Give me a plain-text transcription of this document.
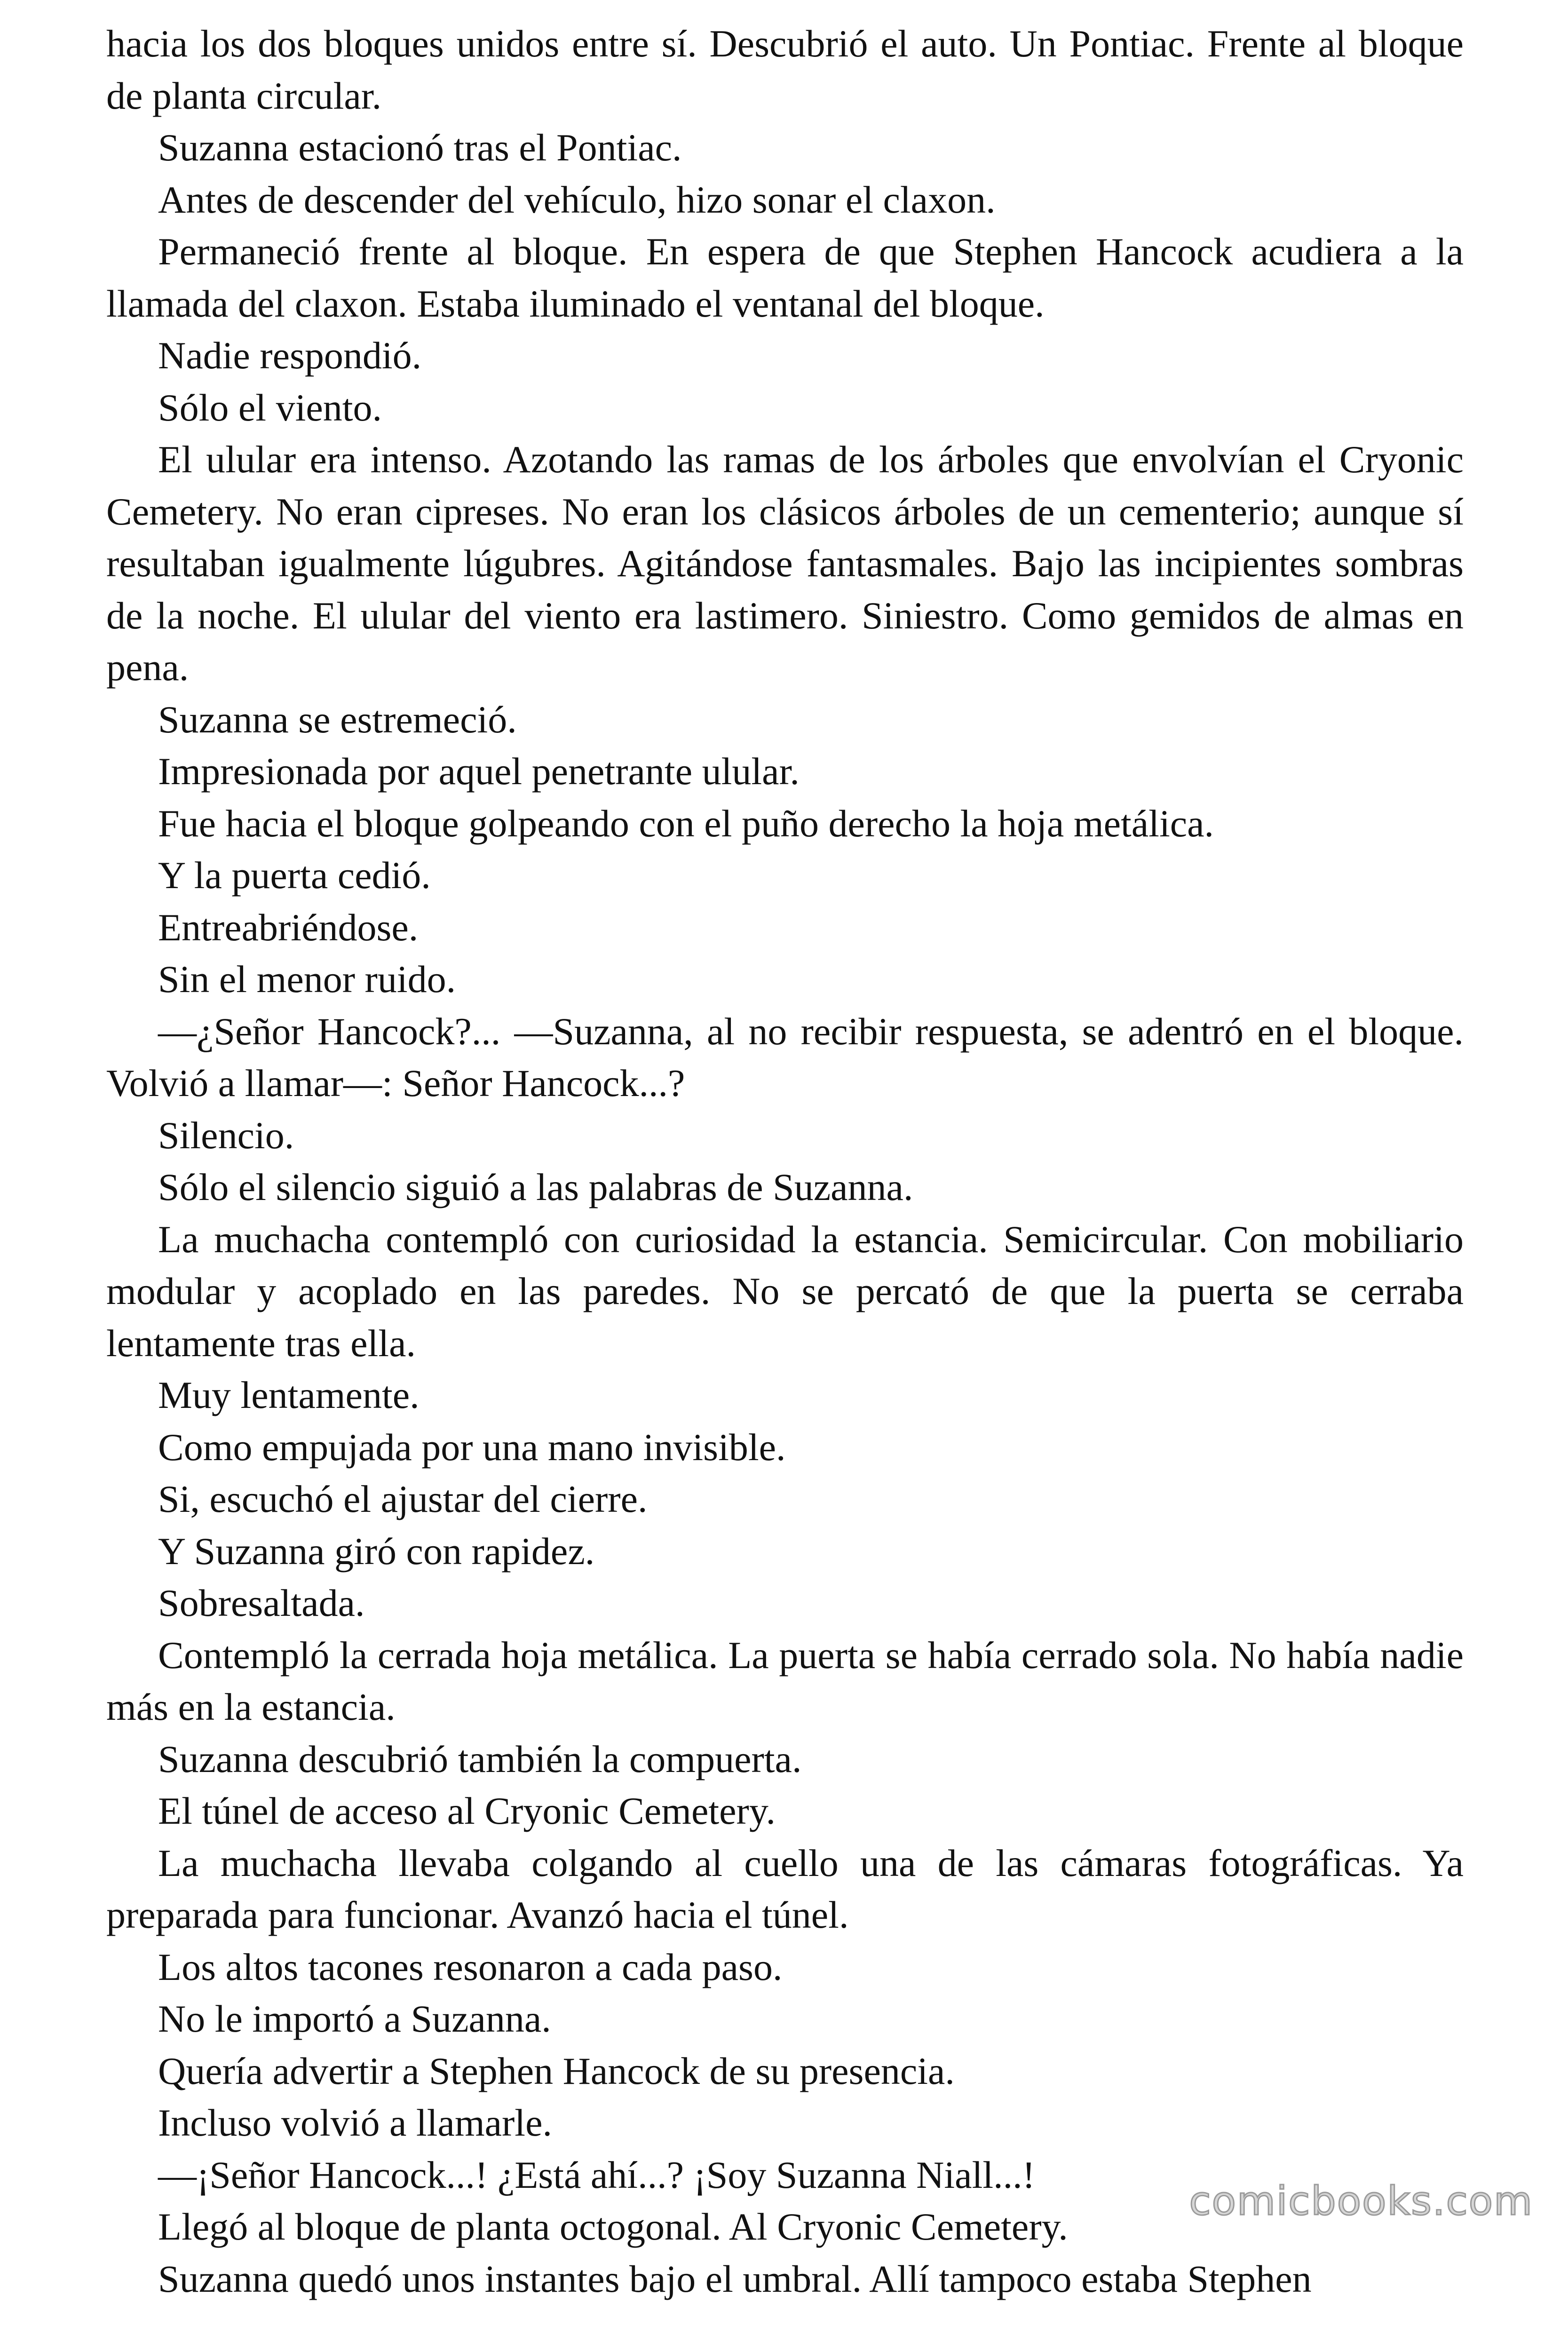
hacia los dos bloques unidos entre sí. Descubrió el auto. Un Pontiac. Frente al bloque de planta circular.

Suzanna estacionó tras el Pontiac.

Antes de descender del vehículo, hizo sonar el claxon.

Permaneció frente al bloque. En espera de que Stephen Hancock acudiera a la llamada del claxon. Estaba iluminado el ventanal del bloque.

Nadie respondió.

Sólo el viento.

El ulular era intenso. Azotando las ramas de los árboles que envolvían el Cryonic Cemetery. No eran cipreses. No eran los clásicos árboles de un cementerio; aunque sí resultaban igualmente lúgubres. Agitándose fantasmales. Bajo las incipientes sombras de la noche. El ulular del viento era lastimero. Siniestro. Como gemidos de almas en pena.

Suzanna se estremeció.

Impresionada por aquel penetrante ulular.

Fue hacia el bloque golpeando con el puño derecho la hoja metálica.

Y la puerta cedió.

Entreabriéndose.

Sin el menor ruido.

—¿Señor Hancock?... —Suzanna, al no recibir respuesta, se adentró en el bloque. Volvió a llamar—: Señor Hancock...?

Silencio.

Sólo el silencio siguió a las palabras de Suzanna.

La muchacha contempló con curiosidad la estancia. Semicircular. Con mobiliario modular y acoplado en las paredes. No se percató de que la puerta se cerraba lentamente tras ella.

Muy lentamente.

Como empujada por una mano invisible.

Si, escuchó el ajustar del cierre.

Y Suzanna giró con rapidez.

Sobresaltada.

Contempló la cerrada hoja metálica. La puerta se había cerrado sola. No había nadie más en la estancia.

Suzanna descubrió también la compuerta.

El túnel de acceso al Cryonic Cemetery.

La muchacha llevaba colgando al cuello una de las cámaras fotográficas. Ya preparada para funcionar. Avanzó hacia el túnel.

Los altos tacones resonaron a cada paso.

No le importó a Suzanna.

Quería advertir a Stephen Hancock de su presencia.

Incluso volvió a llamarle.

—¡Señor Hancock...! ¿Está ahí...? ¡Soy Suzanna Niall...!

Llegó al bloque de planta octogonal. Al Cryonic Cemetery.

Suzanna quedó unos instantes bajo el umbral. Allí tampoco estaba Stephen

comicbooks.com
